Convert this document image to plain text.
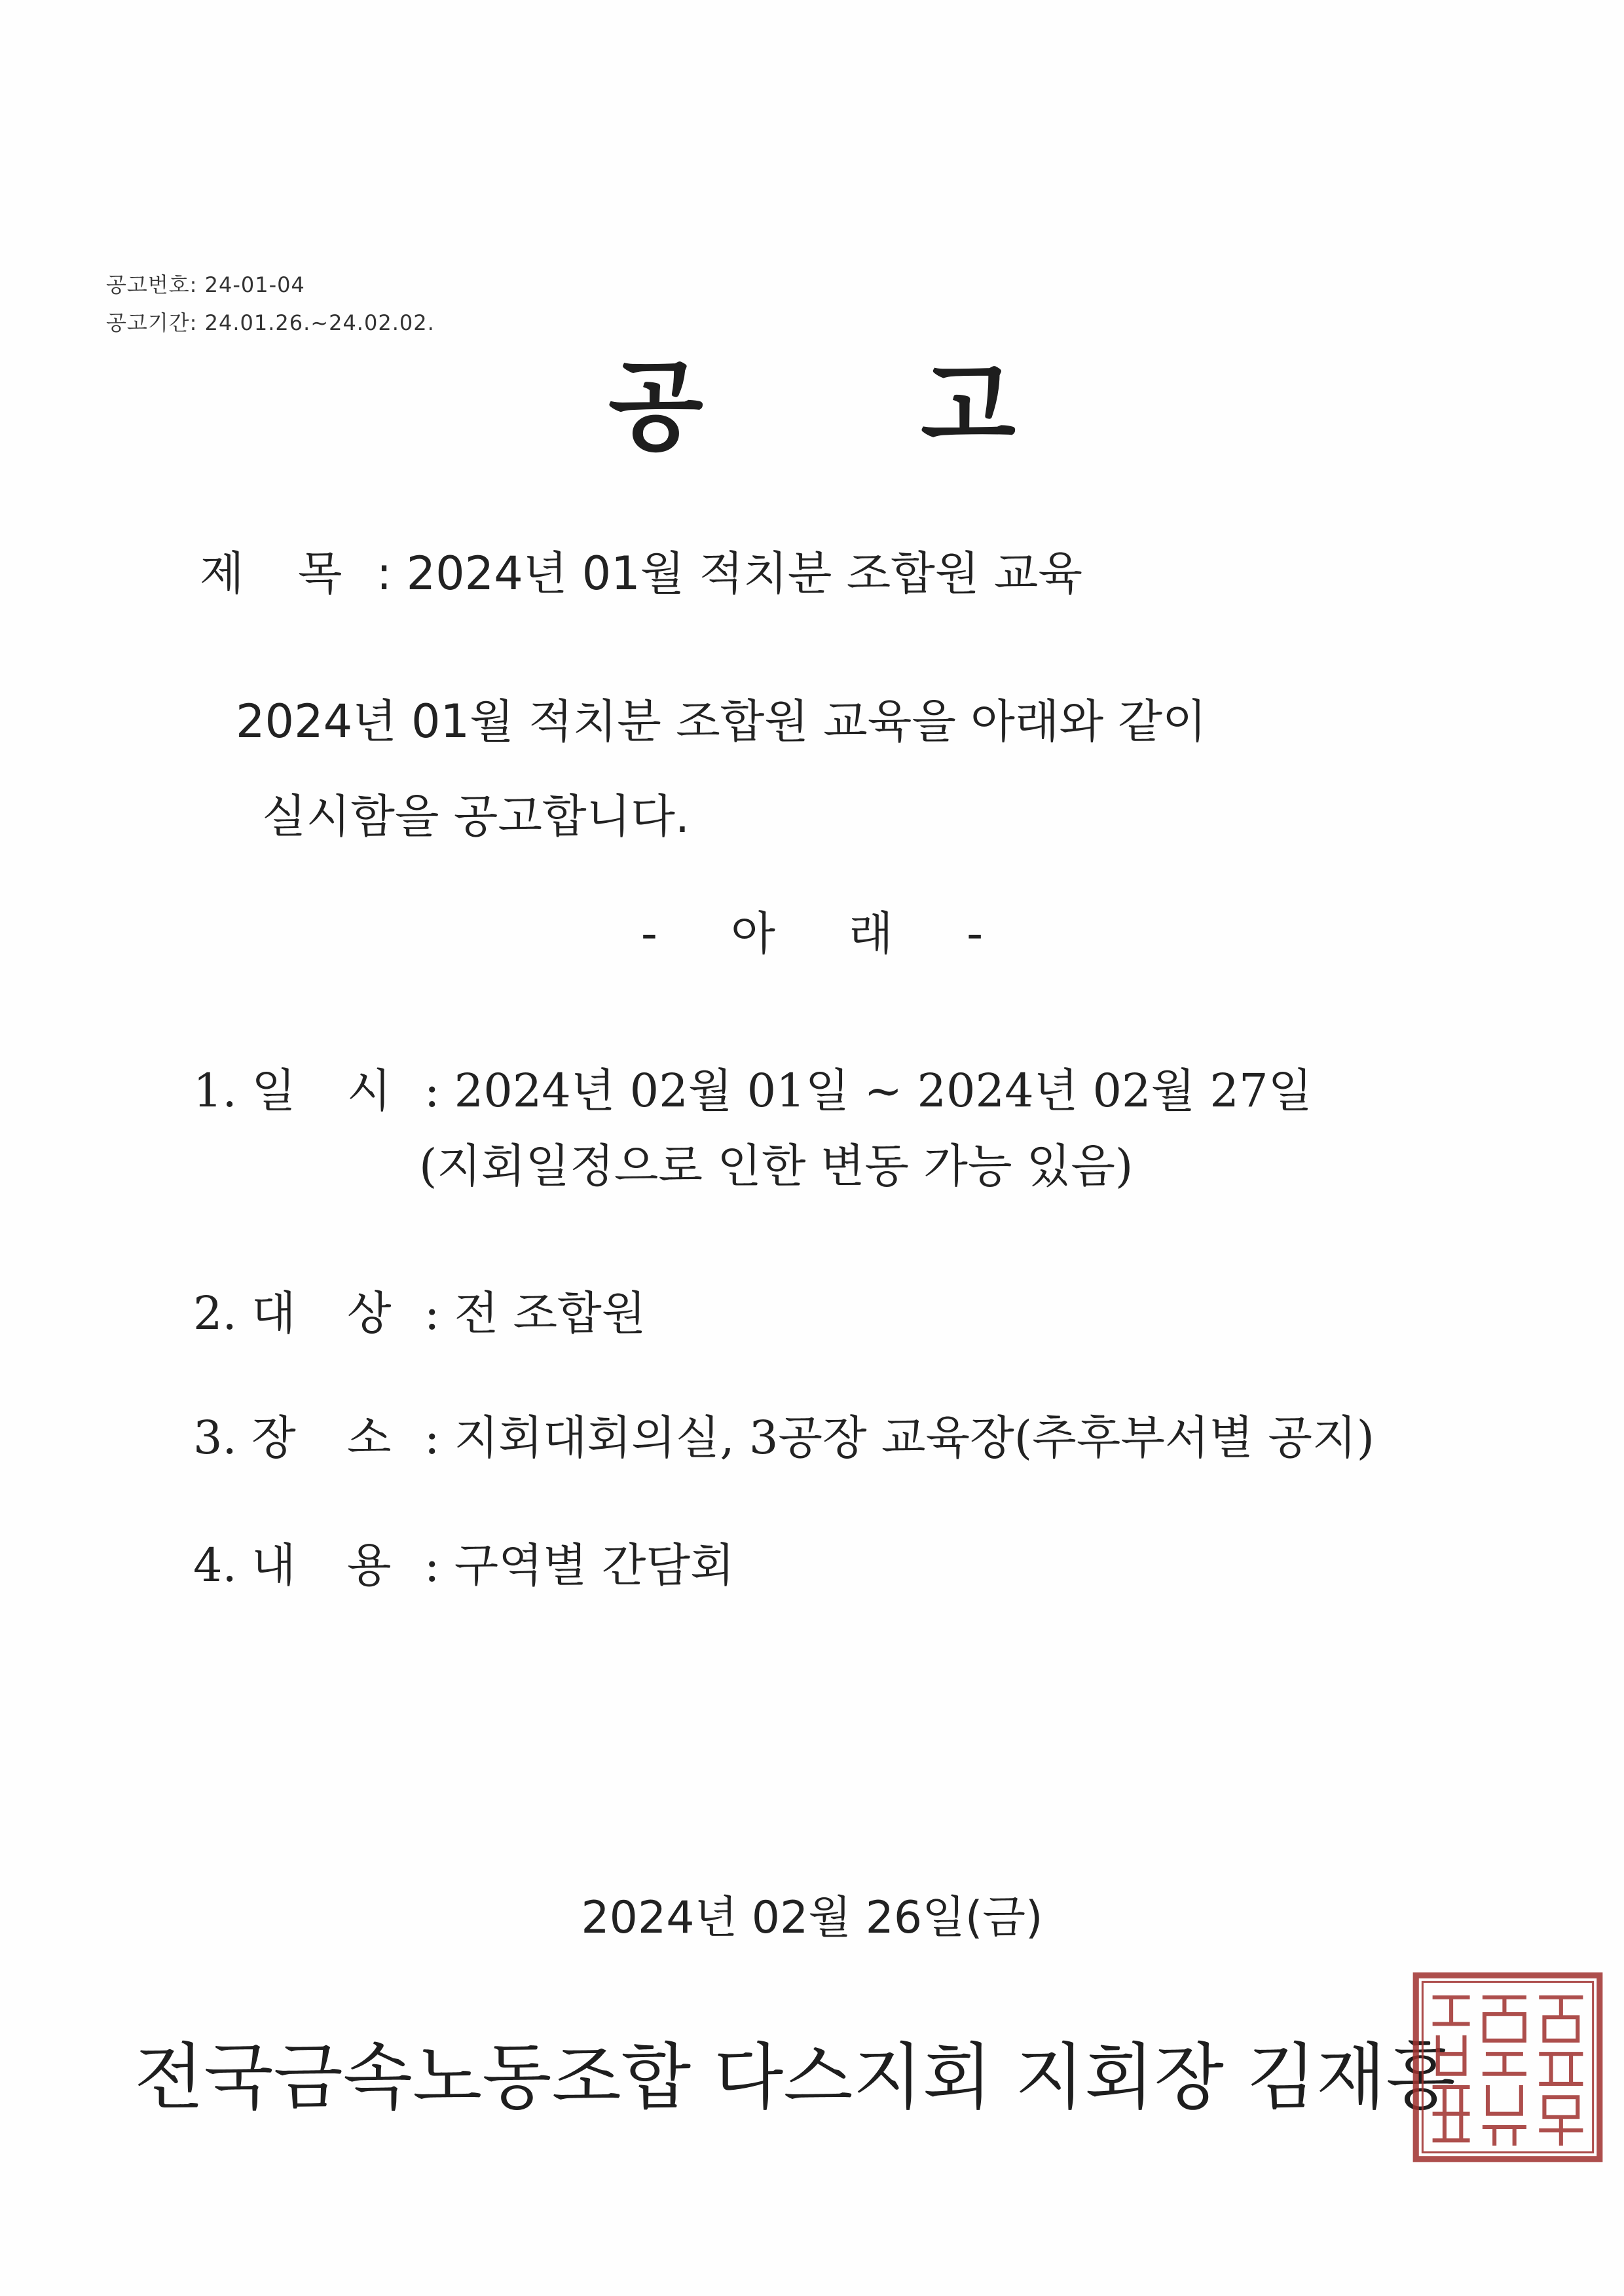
공고번호: 24-01-04
공고기간: 24.01.26.~24.02.02.
공 고
제 목 : 2024년 01월 적치분 조합원 교육
2024년 01월 적치분 조합원 교육을 아래와 같이
실시함을 공고합니다.
- 아 래 -
1. 일 시 : 2024년 02월 01일 ~ 2024년 02월 27일
(지회일정으로 인한 변동 가능 있음)
2. 대 상 : 전 조합원
3. 장 소 : 지회대회의실, 3공장 교육장(추후부서별 공지)
4. 내 용 : 구역별 간담회
2024년 02월 26일(금)
전국금속노동조합 다스지회 지회장 김재홍
